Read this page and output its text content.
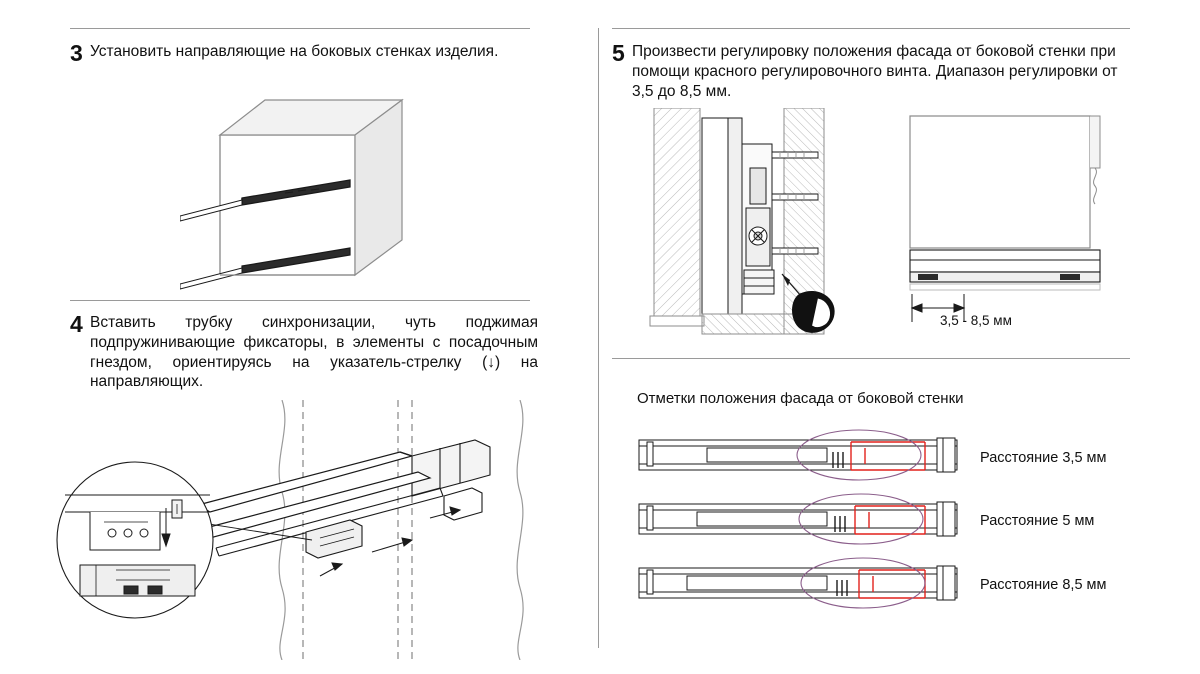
3 Установить направляющие на боковых стенках изделия.
4 Вставить трубку синхронизации, чуть поджимая подпружинивающие фиксаторы, в элементы с посадочным гнездом, ориентируясь на указатель-стрелку (↓) на направляющих.
5 Произвести регулировку положения фасада от боковой стенки при помощи красного регулировочного винта. Диапазон регулировки от 3,5 до 8,5 мм.
3,5 - 8,5 мм
Отметки положения фасада от боковой стенки
Расстояние 3,5 мм
Расстояние 5 мм
Расстояние 8,5 мм
